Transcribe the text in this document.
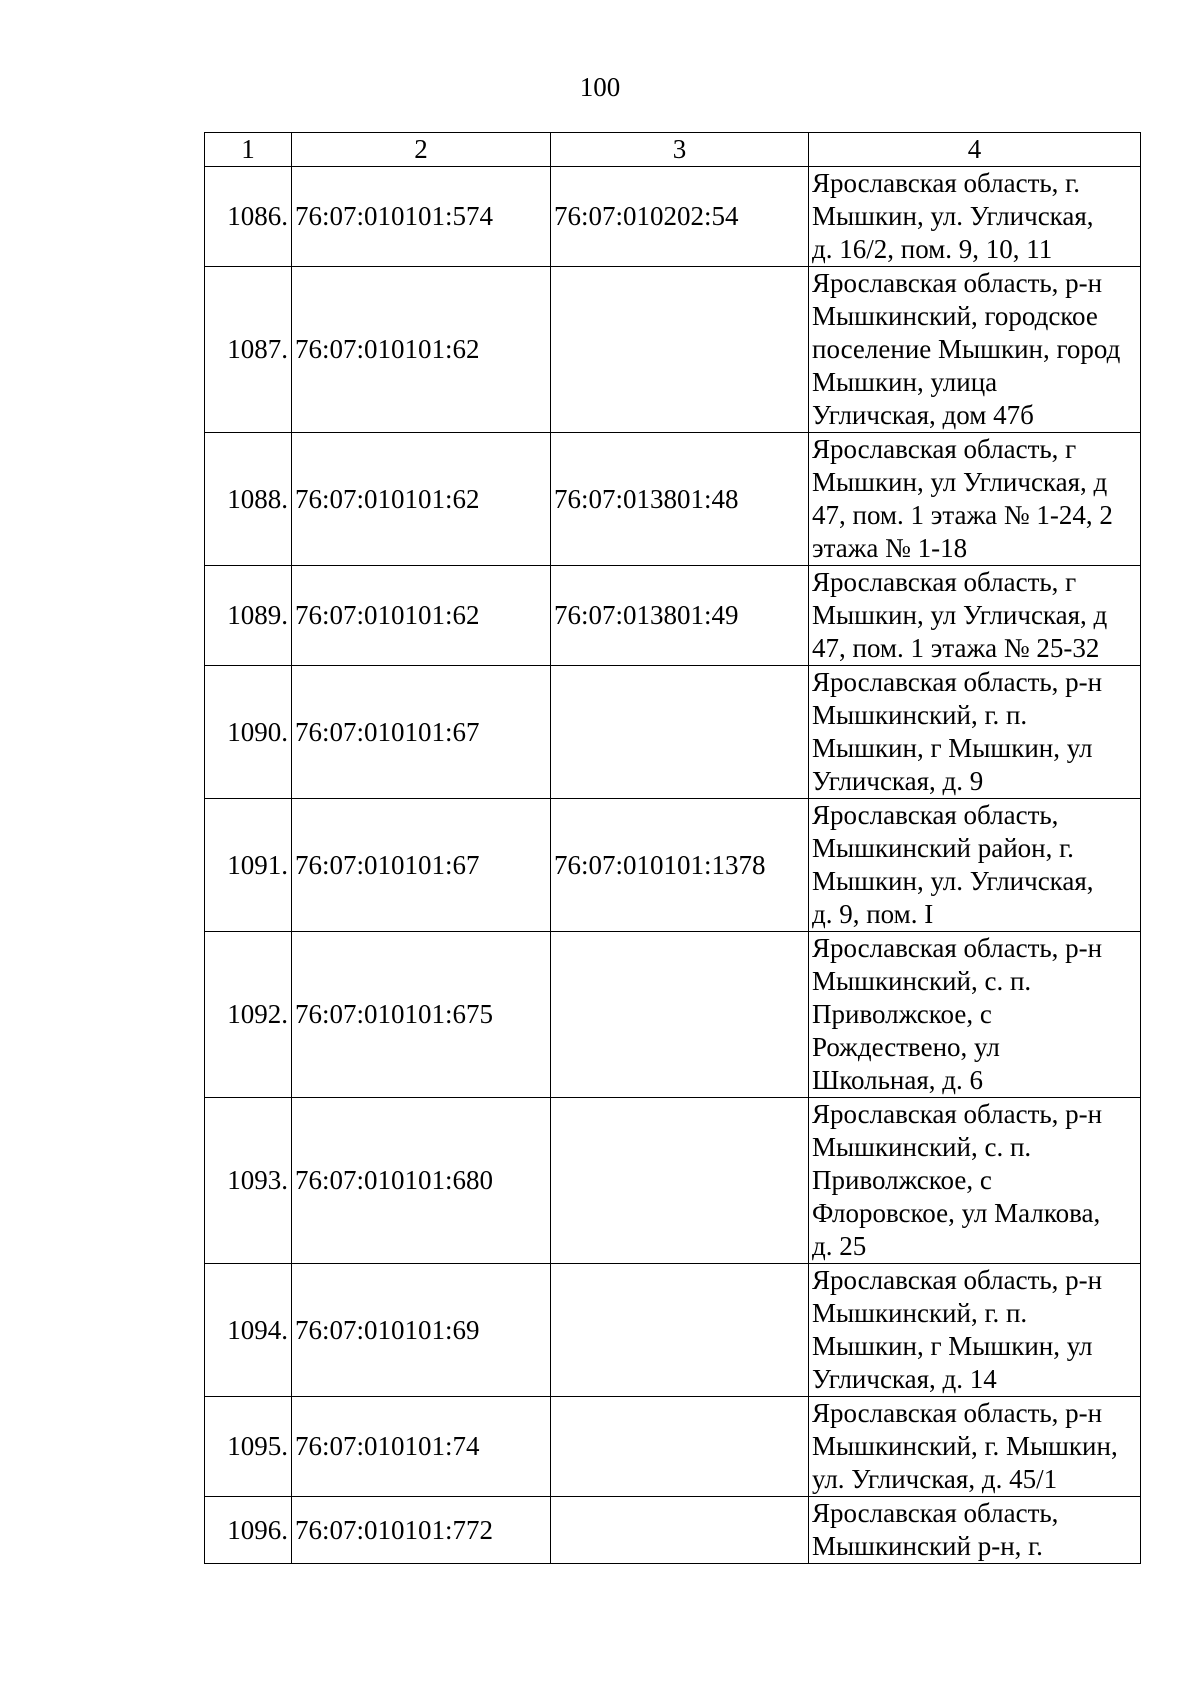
100
1	2	3	4
1086.	76:07:010101:574	76:07:010202:54	Ярославская область, г.
Мышкин, ул. Угличская,
д. 16/2, пом. 9, 10, 11
1087.	76:07:010101:62		Ярославская область, р-н
Мышкинский, городское
поселение Мышкин, город
Мышкин, улица
Угличская, дом 47б
1088.	76:07:010101:62	76:07:013801:48	Ярославская область, г
Мышкин, ул Угличская, д
47, пом. 1 этажа № 1-24, 2
этажа № 1-18
1089.	76:07:010101:62	76:07:013801:49	Ярославская область, г
Мышкин, ул Угличская, д
47, пом. 1 этажа № 25-32
1090.	76:07:010101:67		Ярославская область, р-н
Мышкинский, г. п.
Мышкин, г Мышкин, ул
Угличская, д. 9
1091.	76:07:010101:67	76:07:010101:1378	Ярославская область,
Мышкинский район, г.
Мышкин, ул. Угличская,
д. 9, пом. I
1092.	76:07:010101:675		Ярославская область, р-н
Мышкинский, с. п.
Приволжское, с
Рождествено, ул
Школьная, д. 6
1093.	76:07:010101:680		Ярославская область, р-н
Мышкинский, с. п.
Приволжское, с
Флоровское, ул Малкова,
д. 25
1094.	76:07:010101:69		Ярославская область, р-н
Мышкинский, г. п.
Мышкин, г Мышкин, ул
Угличская, д. 14
1095.	76:07:010101:74		Ярославская область, р-н
Мышкинский, г. Мышкин,
ул. Угличская, д. 45/1
1096.	76:07:010101:772		Ярославская область,
Мышкинский р-н, г.
